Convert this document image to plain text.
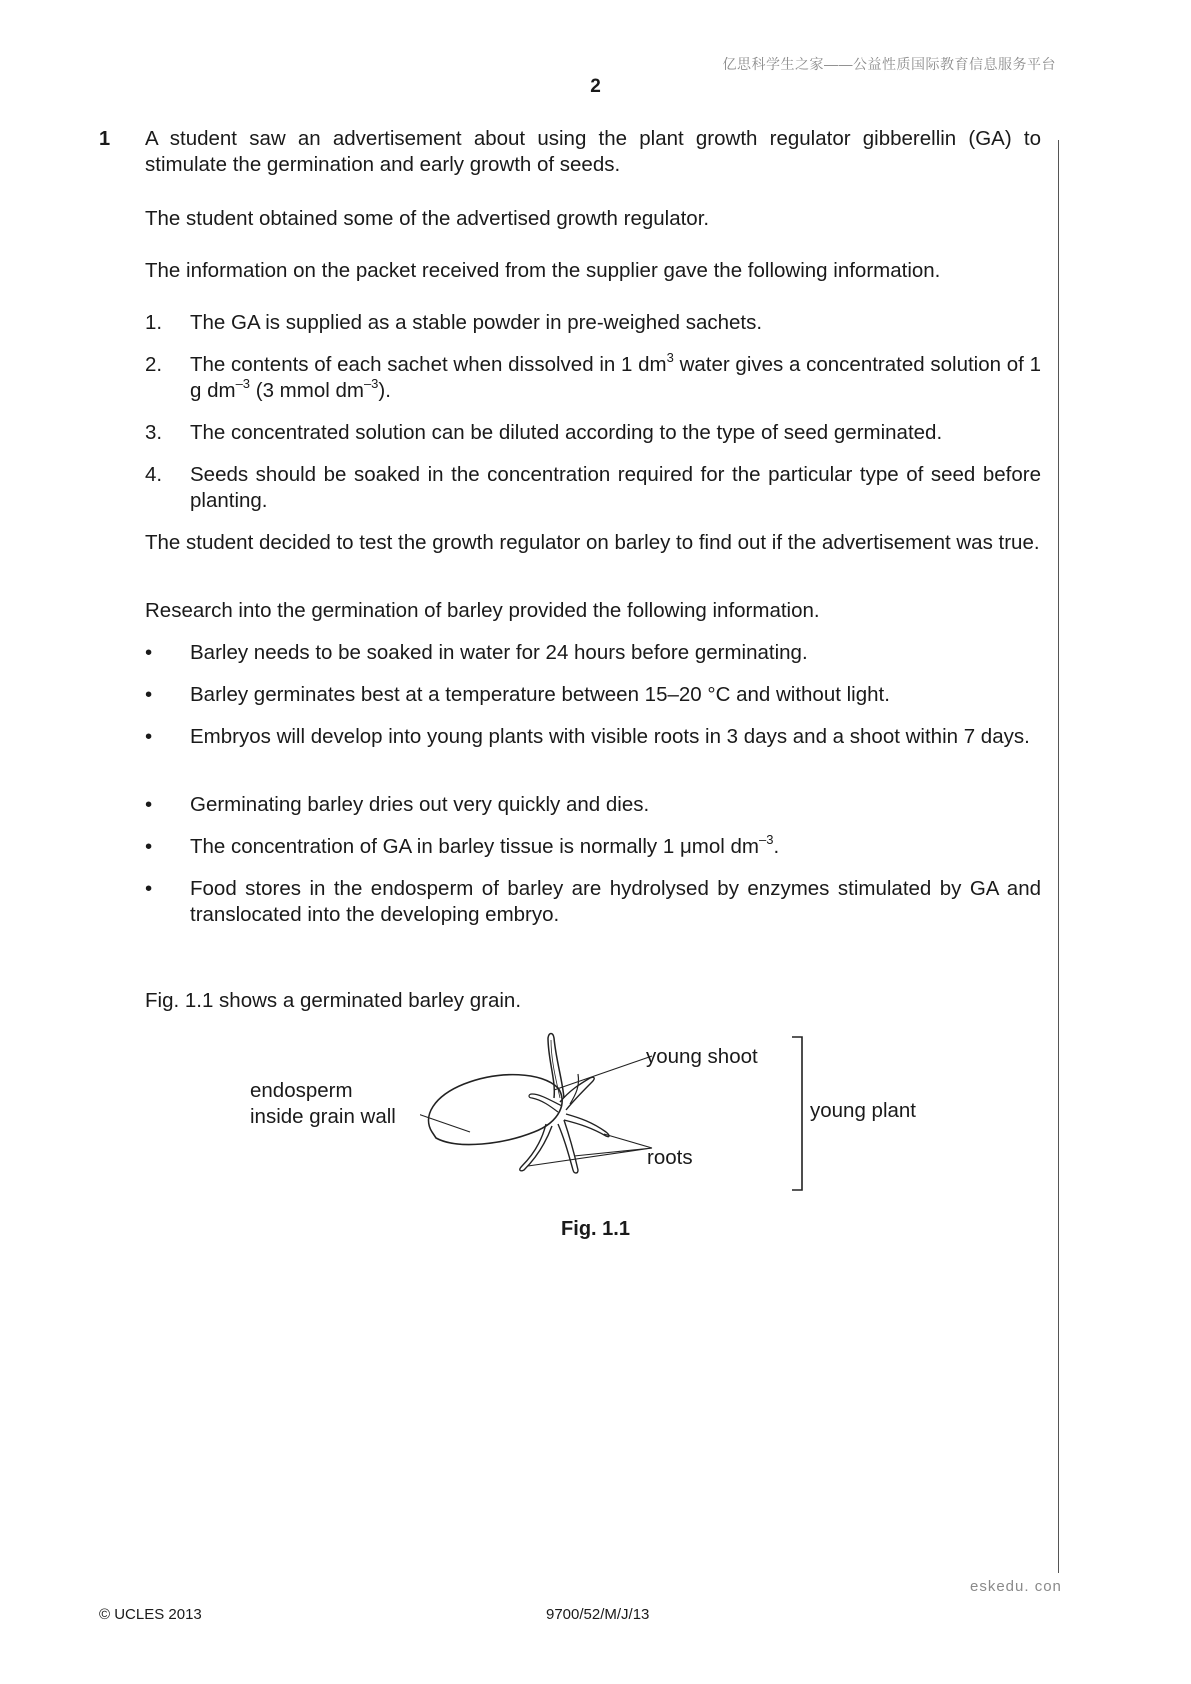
亿思科学生之家——公益性质国际教育信息服务平台
2
1 A student saw an advertisement about using the plant growth regulator gibberellin (GA) to stimulate the germination and early growth of seeds.
The student obtained some of the advertised growth regulator.
The information on the packet received from the supplier gave the following information.
1. The GA is supplied as a stable powder in pre-weighed sachets.
2. The contents of each sachet when dissolved in 1 $dm^3$ water gives a concentrated solution of 1 g $dm^{-3}$ (3 mmol $dm^{-3}$).
3. The concentrated solution can be diluted according to the type of seed germinated.
4. Seeds should be soaked in the concentration required for the particular type of seed before planting.
The student decided to test the growth regulator on barley to find out if the advertisement was true.
Research into the germination of barley provided the following information.
• Barley needs to be soaked in water for 24 hours before germinating.
• Barley germinates best at a temperature between 15–20 °C and without light.
• Embryos will develop into young plants with visible roots in 3 days and a shoot within 7 days.
• Germinating barley dries out very quickly and dies.
• The concentration of GA in barley tissue is normally 1 μmol $dm^{-3}$.
• Food stores in the endosperm of barley are hydrolysed by enzymes stimulated by GA and translocated into the developing embryo.
Fig. 1.1 shows a germinated barley grain.
endosperm
inside grain wall
young shoot
young plant
roots
Fig. 1.1
eskedu. con
© UCLES 2013	9700/52/M/J/13
